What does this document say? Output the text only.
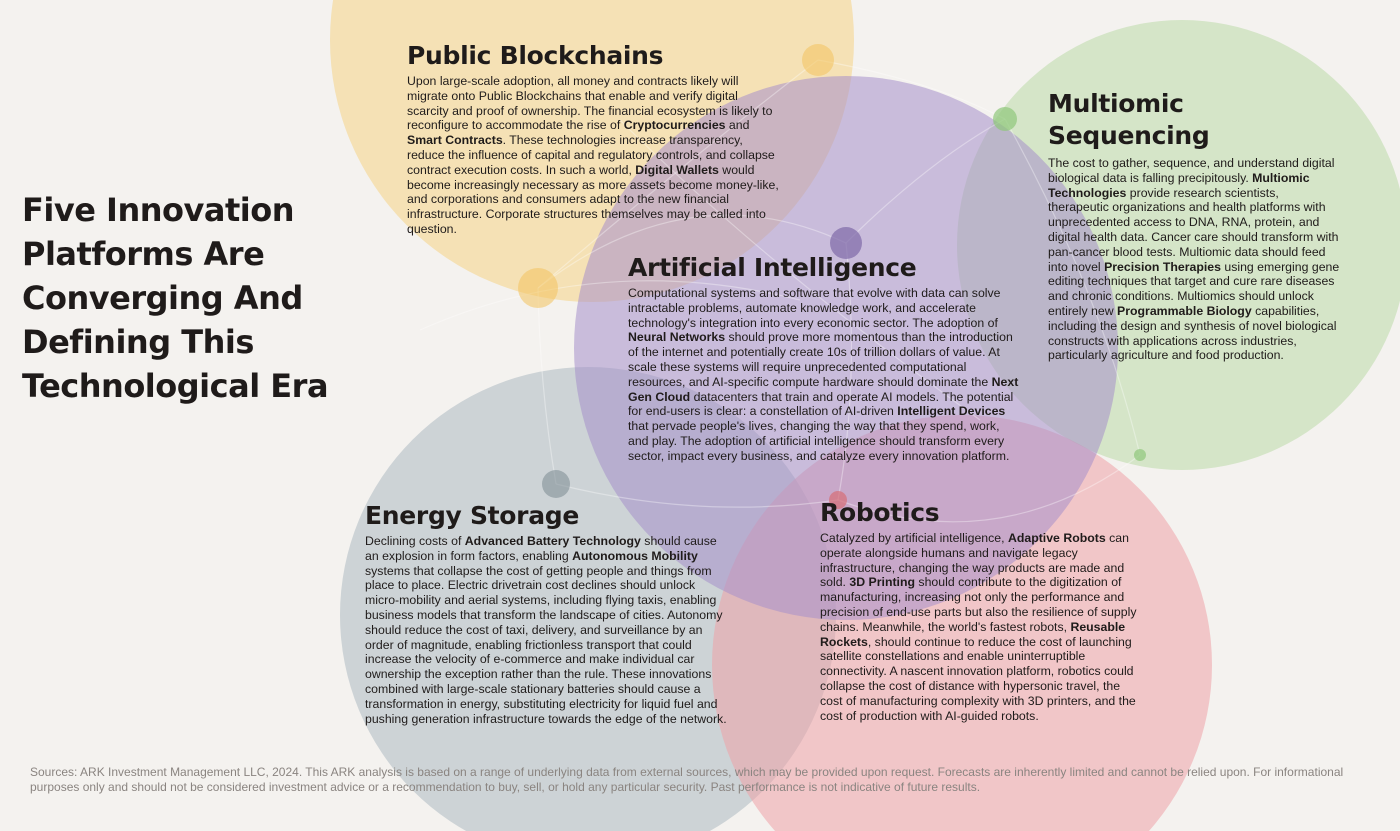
Five Innovation
Platforms Are
Converging And
Defining This
Technological Era
Public Blockchains

Upon large-scale adoption, all money and contracts likely will migrate onto Public Blockchains that enable and verify digital scarcity and proof of ownership. The financial ecosystem is likely to reconfigure to accommodate the rise of Cryptocurrencies and Smart Contracts. These technologies increase transparency, reduce the influence of capital and regulatory controls, and collapse contract execution costs. In such a world, Digital Wallets would become increasingly necessary as more assets become money-like, and corporations and consumers adapt to the new financial infrastructure. Corporate structures themselves may be called into question.

Multiomic
Sequencing

The cost to gather, sequence, and understand digital biological data is falling precipitously. Multiomic Technologies provide research scientists, therapeutic organizations and health platforms with unprecedented access to DNA, RNA, protein, and digital health data. Cancer care should transform with pan-cancer blood tests. Multiomic data should feed into novel Precision Therapies using emerging gene editing techniques that target and cure rare diseases and chronic conditions. Multiomics should unlock entirely new Programmable Biology capabilities, including the design and synthesis of novel biological constructs with applications across industries, particularly agriculture and food production.

Artificial Intelligence

Computational systems and software that evolve with data can solve intractable problems, automate knowledge work, and accelerate technology's integration into every economic sector. The adoption of Neural Networks should prove more momentous than the introduction of the internet and potentially create 10s of trillion dollars of value. At scale these systems will require unprecedented computational resources, and AI-specific compute hardware should dominate the Next Gen Cloud datacenters that train and operate AI models. The potential for end-users is clear: a constellation of AI-driven Intelligent Devices that pervade people's lives, changing the way that they spend, work, and play. The adoption of artificial intelligence should transform every sector, impact every business, and catalyze every innovation platform.

Energy Storage

Declining costs of Advanced Battery Technology should cause an explosion in form factors, enabling Autonomous Mobility systems that collapse the cost of getting people and things from place to place. Electric drivetrain cost declines should unlock micro-mobility and aerial systems, including flying taxis, enabling business models that transform the landscape of cities. Autonomy should reduce the cost of taxi, delivery, and surveillance by an order of magnitude, enabling frictionless transport that could increase the velocity of e-commerce and make individual car ownership the exception rather than the rule. These innovations combined with large-scale stationary batteries should cause a transformation in energy, substituting electricity for liquid fuel and pushing generation infrastructure towards the edge of the network.

Robotics

Catalyzed by artificial intelligence, Adaptive Robots can operate alongside humans and navigate legacy infrastructure, changing the way products are made and sold. 3D Printing should contribute to the digitization of manufacturing, increasing not only the performance and precision of end-use parts but also the resilience of supply chains. Meanwhile, the world's fastest robots, Reusable Rockets, should continue to reduce the cost of launching satellite constellations and enable uninterruptible connectivity. A nascent innovation platform, robotics could collapse the cost of distance with hypersonic travel, the cost of manufacturing complexity with 3D printers, and the cost of production with AI-guided robots.

Sources: ARK Investment Management LLC, 2024. This ARK analysis is based on a range of underlying data from external sources, which may be provided upon request. Forecasts are inherently limited and cannot be relied upon. For informational purposes only and should not be considered investment advice or a recommendation to buy, sell, or hold any particular security. Past performance is not indicative of future results.
